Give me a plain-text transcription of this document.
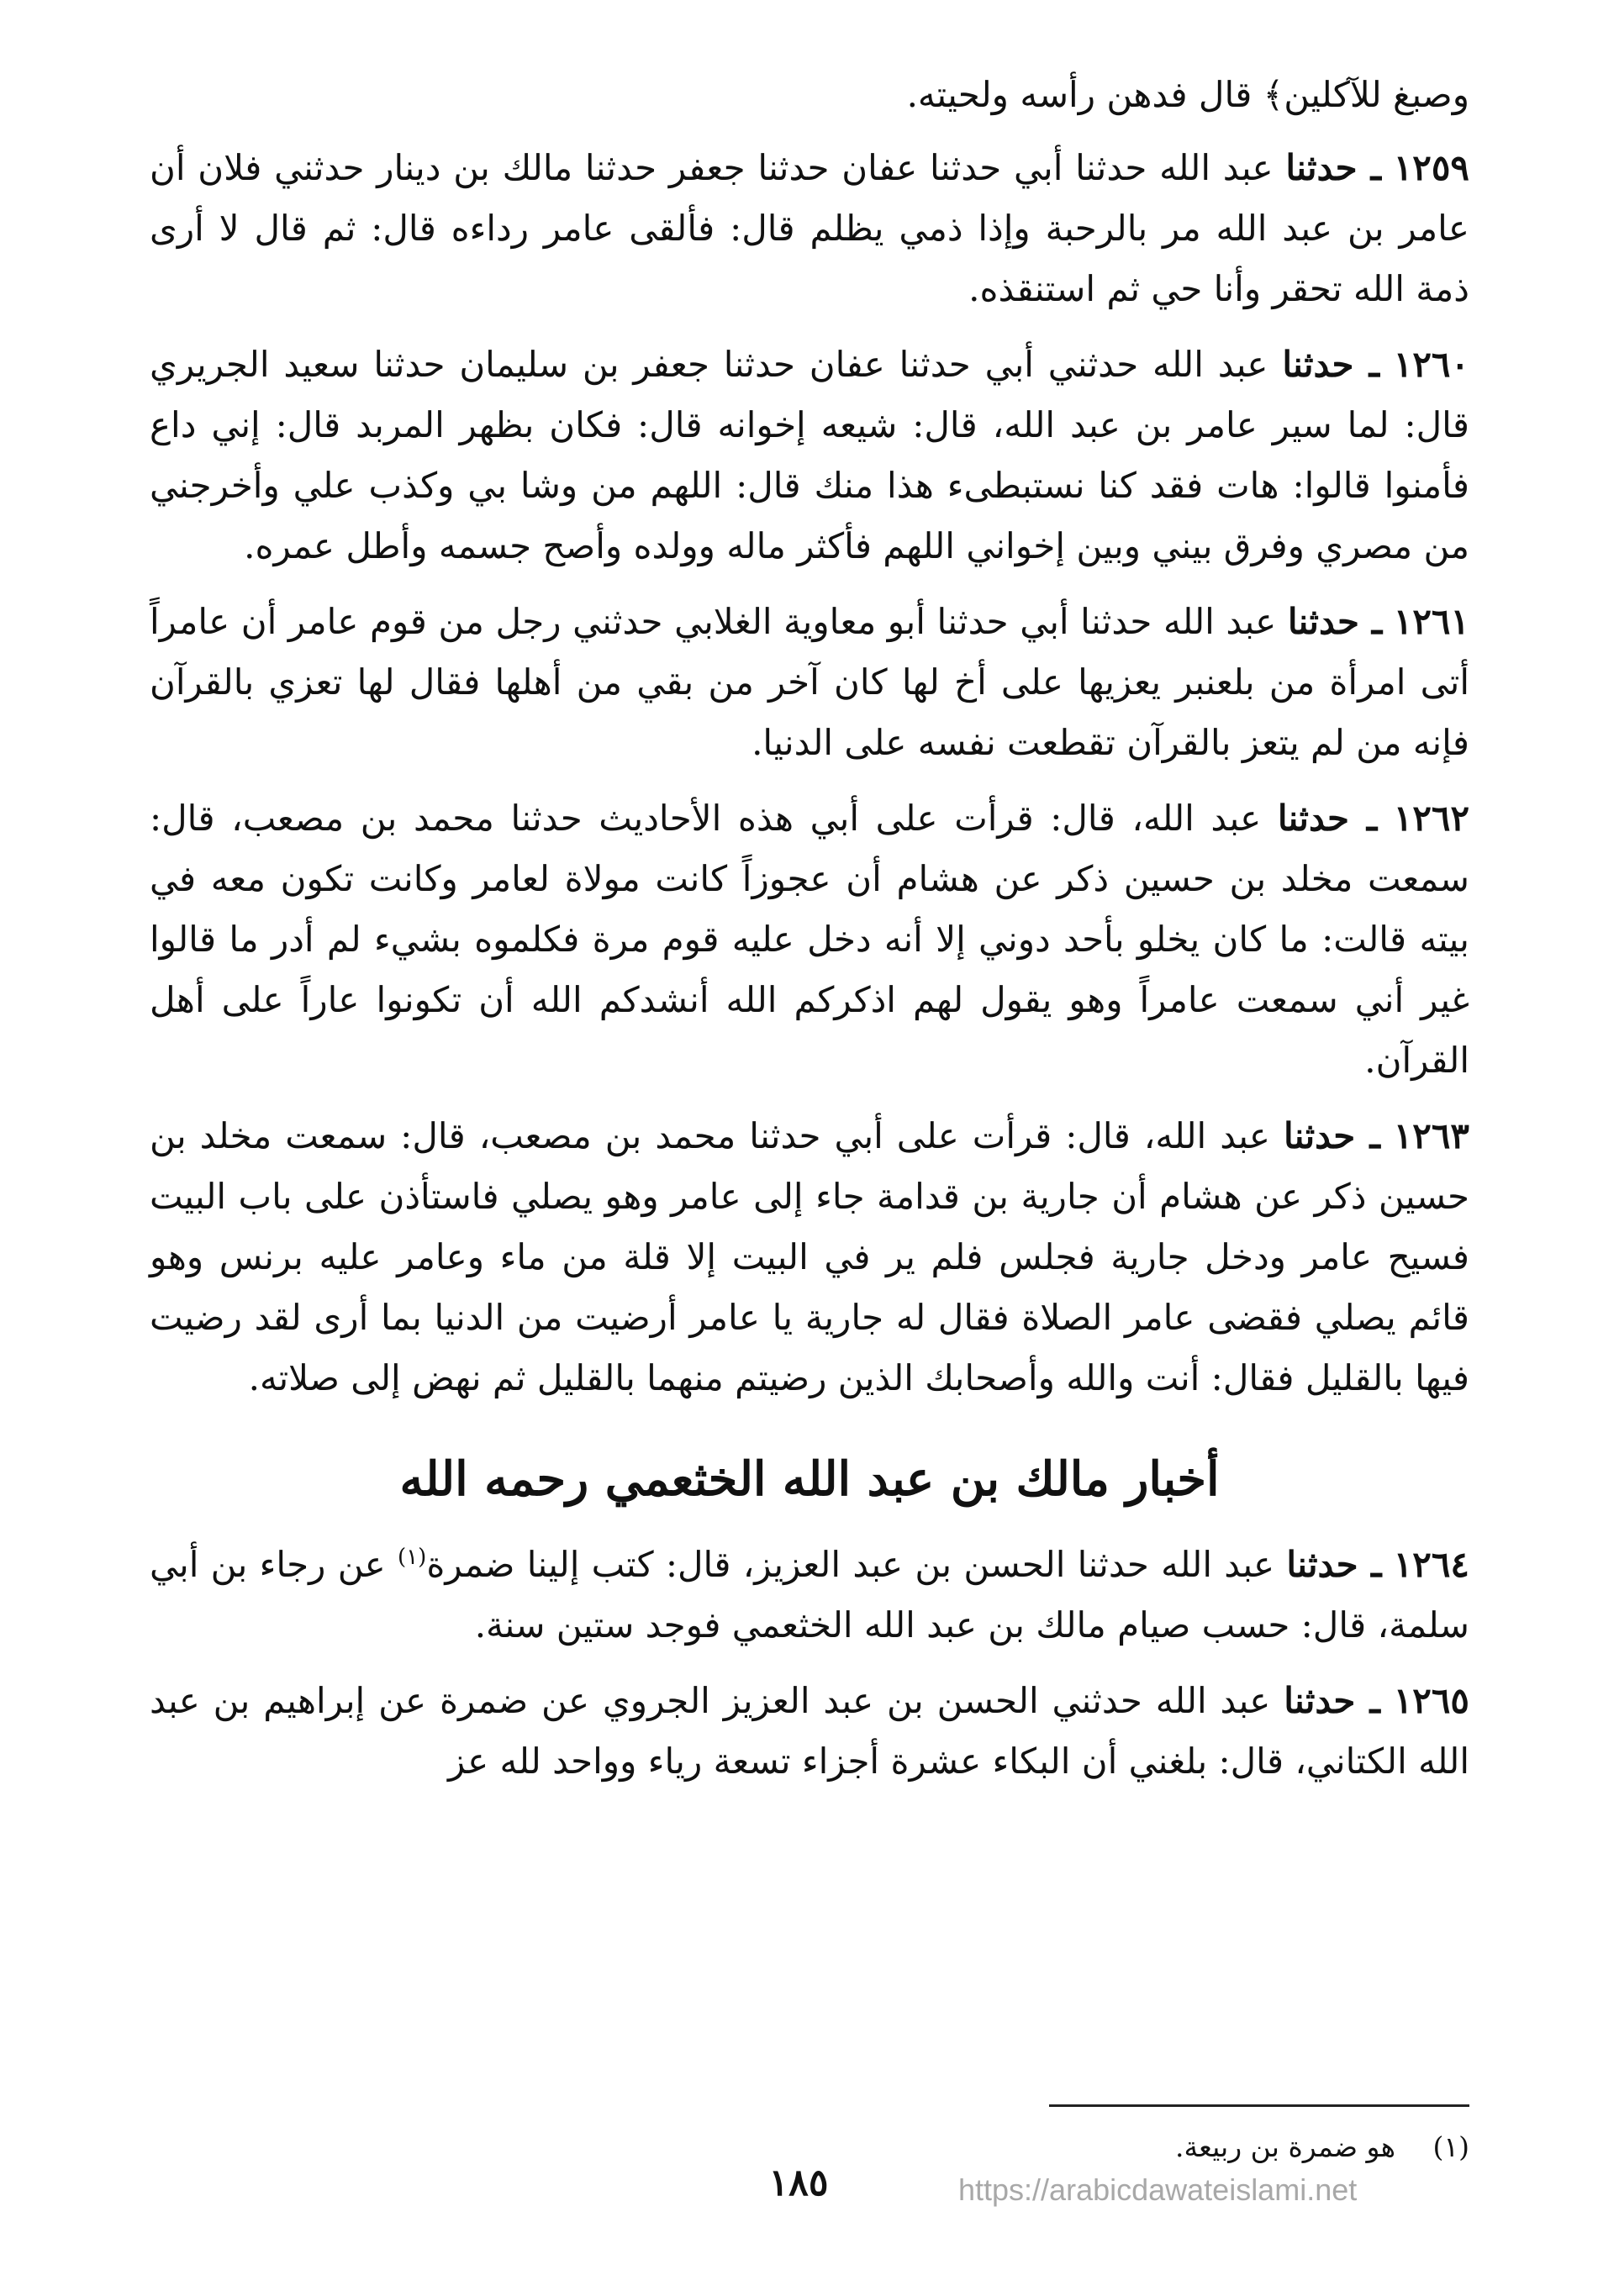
وصبغ للآكلين﴾ قال فدهن رأسه ولحيته.

١٢٥٩ ـ حدثنا عبد الله حدثنا أبي حدثنا عفان حدثنا جعفر حدثنا مالك بن دينار حدثني فلان أن عامر بن عبد الله مر بالرحبة وإذا ذمي يظلم قال: فألقى عامر رداءه قال: ثم قال لا أرى ذمة الله تحقر وأنا حي ثم استنقذه.

١٢٦٠ ـ حدثنا عبد الله حدثني أبي حدثنا عفان حدثنا جعفر بن سليمان حدثنا سعيد الجريري قال: لما سير عامر بن عبد الله، قال: شيعه إخوانه قال: فكان بظهر المربد قال: إني داع فأمنوا قالوا: هات فقد كنا نستبطىء هذا منك قال: اللهم من وشا بي وكذب علي وأخرجني من مصري وفرق بيني وبين إخواني اللهم فأكثر ماله وولده وأصح جسمه وأطل عمره.

١٢٦١ ـ حدثنا عبد الله حدثنا أبي حدثنا أبو معاوية الغلابي حدثني رجل من قوم عامر أن عامراً أتى امرأة من بلعنبر يعزيها على أخ لها كان آخر من بقي من أهلها فقال لها تعزي بالقرآن فإنه من لم يتعز بالقرآن تقطعت نفسه على الدنيا.

١٢٦٢ ـ حدثنا عبد الله، قال: قرأت على أبي هذه الأحاديث حدثنا محمد بن مصعب، قال: سمعت مخلد بن حسين ذكر عن هشام أن عجوزاً كانت مولاة لعامر وكانت تكون معه في بيته قالت: ما كان يخلو بأحد دوني إلا أنه دخل عليه قوم مرة فكلموه بشيء لم أدر ما قالوا غير أني سمعت عامراً وهو يقول لهم اذكركم الله أنشدكم الله أن تكونوا عاراً على أهل القرآن.

١٢٦٣ ـ حدثنا عبد الله، قال: قرأت على أبي حدثنا محمد بن مصعب، قال: سمعت مخلد بن حسين ذكر عن هشام أن جارية بن قدامة جاء إلى عامر وهو يصلي فاستأذن على باب البيت فسيح عامر ودخل جارية فجلس فلم ير في البيت إلا قلة من ماء وعامر عليه برنس وهو قائم يصلي فقضى عامر الصلاة فقال له جارية يا عامر أرضيت من الدنيا بما أرى لقد رضيت فيها بالقليل فقال: أنت والله وأصحابك الذين رضيتم منهما بالقليل ثم نهض إلى صلاته.

أخبار مالك بن عبد الله الخثعمي رحمه الله

١٢٦٤ ـ حدثنا عبد الله حدثنا الحسن بن عبد العزيز، قال: كتب إلينا ضمرة$^{(١)}$ عن رجاء بن أبي سلمة، قال: حسب صيام مالك بن عبد الله الخثعمي فوجد ستين سنة.

١٢٦٥ ـ حدثنا عبد الله حدثني الحسن بن عبد العزيز الجروي عن ضمرة عن إبراهيم بن عبد الله الكتاني، قال: بلغني أن البكاء عشرة أجزاء تسعة رياء وواحد لله عز

(١) هو ضمرة بن ربيعة.
١٨٥	https://arabicdawateislami.net
